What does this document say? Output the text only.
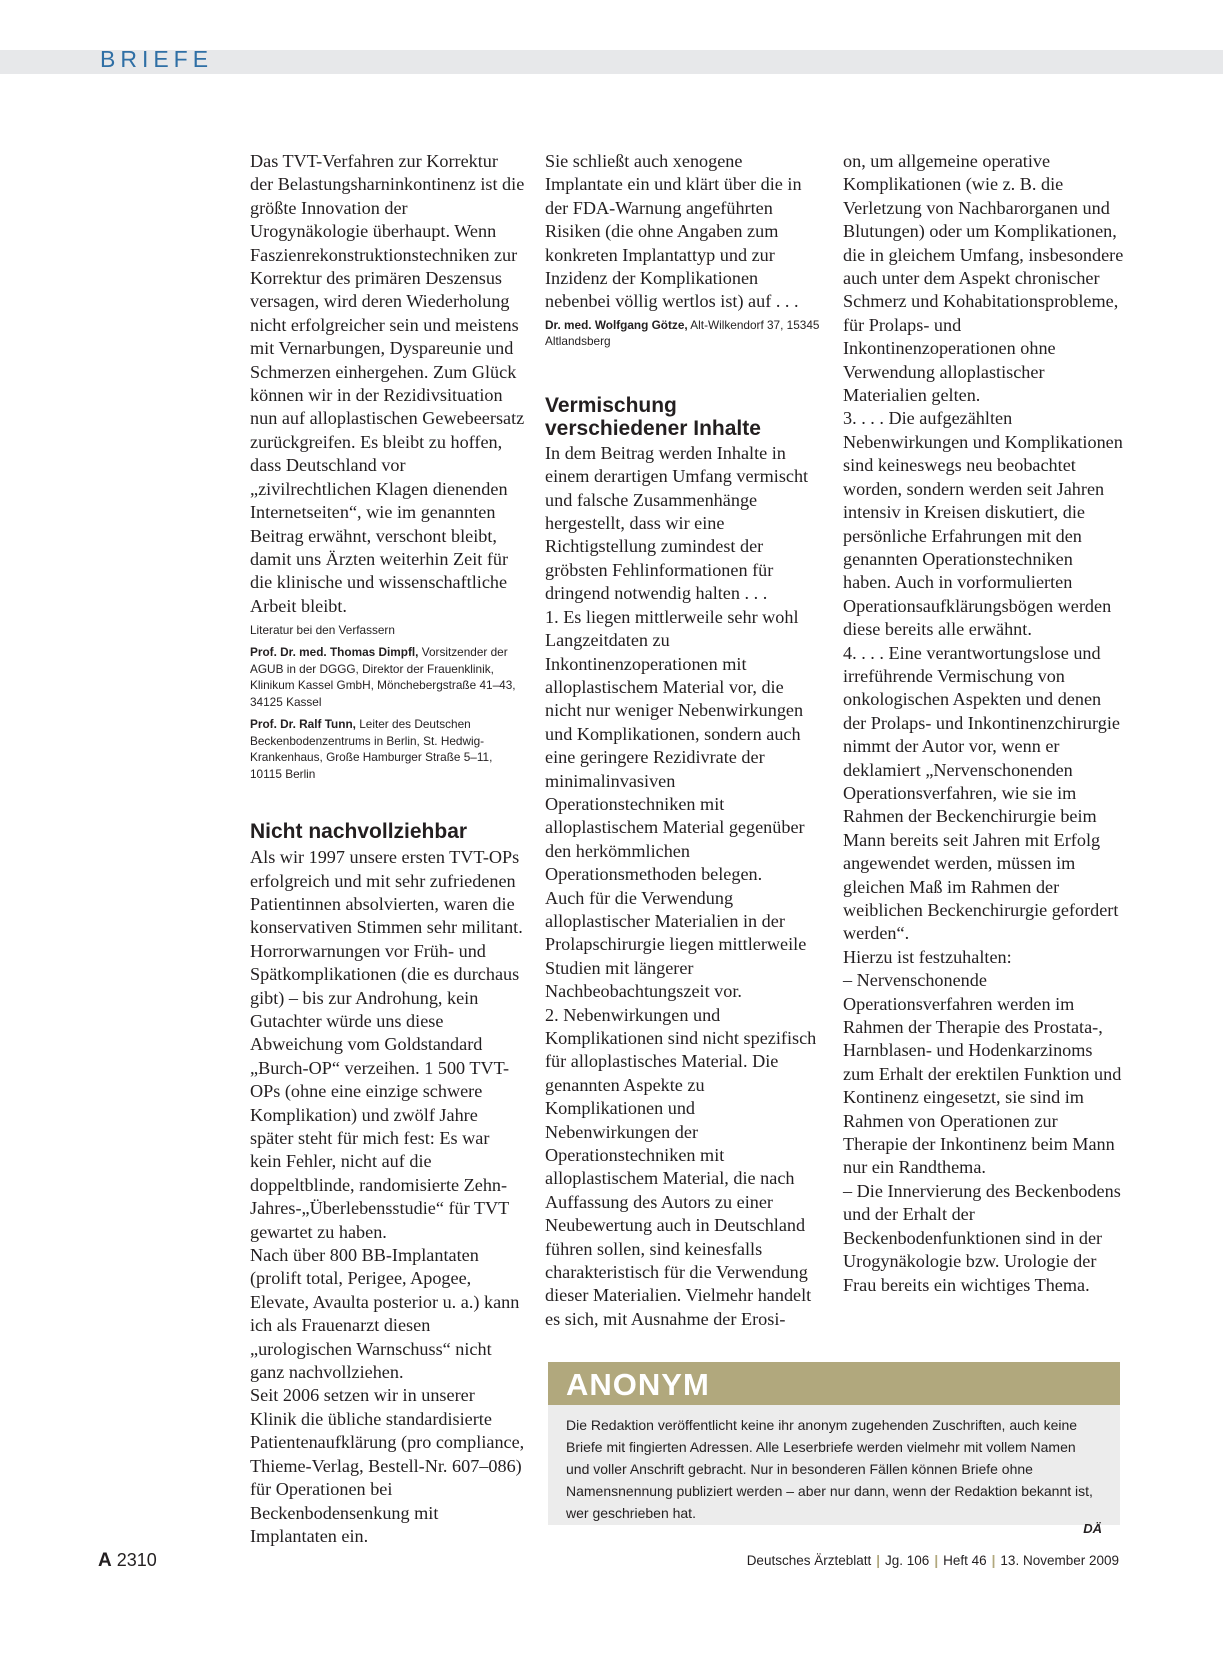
BRIEFE

Das TVT-Verfahren zur Korrektur der Belastungsharninkontinenz ist die größte Innovation der Urogynäkologie überhaupt. Wenn Faszienrekonstruktionstechniken zur Korrektur des primären Deszensus versagen, wird deren Wiederholung nicht erfolgreicher sein und meistens mit Vernarbungen, Dyspareunie und Schmerzen einhergehen. Zum Glück können wir in der Rezidivsituation nun auf alloplastischen Gewebeersatz zurückgreifen. Es bleibt zu hoffen, dass Deutschland vor „zivilrechtlichen Klagen dienenden Internetseiten“, wie im genannten Beitrag erwähnt, verschont bleibt, damit uns Ärzten weiterhin Zeit für die klinische und wissenschaftliche Arbeit bleibt.

Literatur bei den Verfassern

Prof. Dr. med. Thomas Dimpfl, Vorsitzender der AGUB in der DGGG, Direktor der Frauenklinik, Klinikum Kassel GmbH, Mönchebergstraße 41–43, 34125 Kassel

Prof. Dr. Ralf Tunn, Leiter des Deutschen Beckenbodenzentrums in Berlin, St. Hedwig-Krankenhaus, Große Hamburger Straße 5–11, 10115 Berlin

Nicht nachvollziehbar

Als wir 1997 unsere ersten TVT-OPs erfolgreich und mit sehr zufriedenen Patientinnen absolvierten, waren die konservativen Stimmen sehr militant. Horrorwarnungen vor Früh- und Spätkomplikationen (die es durchaus gibt) – bis zur Androhung, kein Gutachter würde uns diese Abweichung vom Goldstandard „Burch-OP“ verzeihen. 1 500 TVT-OPs (ohne eine einzige schwere Komplikation) und zwölf Jahre später steht für mich fest: Es war kein Fehler, nicht auf die doppeltblinde, randomisierte Zehn-Jahres-„Überlebensstudie“ für TVT gewartet zu haben.

Nach über 800 BB-Implantaten (prolift total, Perigee, Apogee, Elevate, Avaulta posterior u. a.) kann ich als Frauenarzt diesen „urologischen Warnschuss“ nicht ganz nachvollziehen.

Seit 2006 setzen wir in unserer Klinik die übliche standardisierte Patientenaufklärung (pro compliance, Thieme-Verlag, Bestell-Nr. 607–086) für Operationen bei Beckenbodensenkung mit Implantaten ein.

Sie schließt auch xenogene Implantate ein und klärt über die in der FDA-Warnung angeführten Risiken (die ohne Angaben zum konkreten Implantattyp und zur Inzidenz der Komplikationen nebenbei völlig wertlos ist) auf . . .

Dr. med. Wolfgang Götze, Alt-Wilkendorf 37, 15345 Altlandsberg

Vermischung verschiedener Inhalte

In dem Beitrag werden Inhalte in einem derartigen Umfang vermischt und falsche Zusammenhänge hergestellt, dass wir eine Richtigstellung zumindest der gröbsten Fehlinformationen für dringend notwendig halten . . .

1. Es liegen mittlerweile sehr wohl Langzeitdaten zu Inkontinenzoperationen mit alloplastischem Material vor, die nicht nur weniger Nebenwirkungen und Komplikationen, sondern auch eine geringere Rezidivrate der minimalinvasiven Operationstechniken mit alloplastischem Material gegenüber den herkömmlichen Operationsmethoden belegen.

Auch für die Verwendung alloplastischer Materialien in der Prolapschirurgie liegen mittlerweile Studien mit längerer Nachbeobachtungszeit vor.

2. Nebenwirkungen und Komplikationen sind nicht spezifisch für alloplastisches Material. Die genannten Aspekte zu Komplikationen und Nebenwirkungen der Operationstechniken mit alloplastischem Material, die nach Auffassung des Autors zu einer Neubewertung auch in Deutschland führen sollen, sind keinesfalls charakteristisch für die Verwendung dieser Materialien. Vielmehr handelt es sich, mit Ausnahme der Erosi-

on, um allgemeine operative Komplikationen (wie z. B. die Verletzung von Nachbarorganen und Blutungen) oder um Komplikationen, die in gleichem Umfang, insbesondere auch unter dem Aspekt chronischer Schmerz und Kohabitationsprobleme, für Prolaps- und Inkontinenzoperationen ohne Verwendung alloplastischer Materialien gelten.

3. . . . Die aufgezählten Nebenwirkungen und Komplikationen sind keineswegs neu beobachtet worden, sondern werden seit Jahren intensiv in Kreisen diskutiert, die persönliche Erfahrungen mit den genannten Operationstechniken haben. Auch in vorformulierten Operationsaufklärungsbögen werden diese bereits alle erwähnt.

4. . . . Eine verantwortungslose und irreführende Vermischung von onkologischen Aspekten und denen der Prolaps- und Inkontinenzchirurgie nimmt der Autor vor, wenn er deklamiert „Nervenschonenden Operationsverfahren, wie sie im Rahmen der Beckenchirurgie beim Mann bereits seit Jahren mit Erfolg angewendet werden, müssen im gleichen Maß im Rahmen der weiblichen Beckenchirurgie gefordert werden“.

Hierzu ist festzuhalten:

– Nervenschonende Operationsverfahren werden im Rahmen der Therapie des Prostata-, Harnblasen- und Hodenkarzinoms zum Erhalt der erektilen Funktion und Kontinenz eingesetzt, sie sind im Rahmen von Operationen zur Therapie der Inkontinenz beim Mann nur ein Randthema.

– Die Innervierung des Beckenbodens und der Erhalt der Beckenbodenfunktionen sind in der Urogynäkologie bzw. Urologie der Frau bereits ein wichtiges Thema.

ANONYM
Die Redaktion veröffentlicht keine ihr anonym zugehenden Zuschriften, auch keine Briefe mit fingierten Adressen. Alle Leserbriefe werden vielmehr mit vollem Namen und voller Anschrift gebracht. Nur in besonderen Fällen können Briefe ohne Namensnennung publiziert werden – aber nur dann, wenn der Redaktion bekannt ist, wer geschrieben hat.
DÄ
A 2310	Deutsches Ärzteblatt | Jg. 106 | Heft 46 | 13. November 2009
